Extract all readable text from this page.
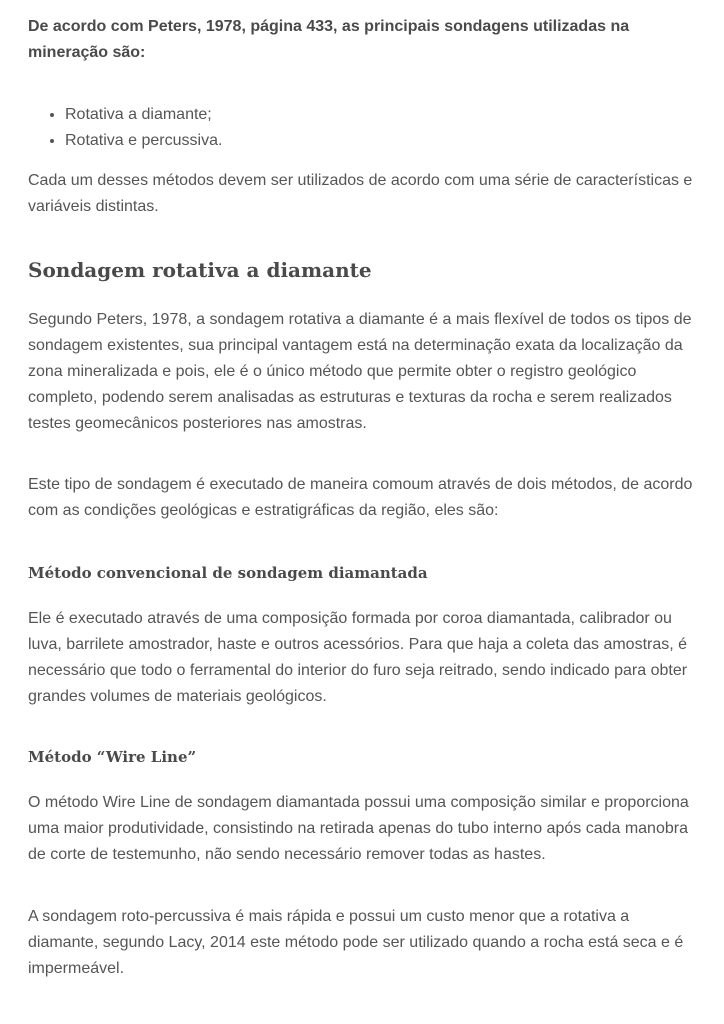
De acordo com Peters, 1978, página 433, as principais sondagens utilizadas na mineração são:

• Rotativa a diamante;
• Rotativa e percussiva.

Cada um desses métodos devem ser utilizados de acordo com uma série de características e variáveis distintas.

Sondagem rotativa a diamante

Segundo Peters, 1978, a sondagem rotativa a diamante é a mais flexível de todos os tipos de sondagem existentes, sua principal vantagem está na determinação exata da localização da zona mineralizada e pois, ele é o único método que permite obter o registro geológico completo, podendo serem analisadas as estruturas e texturas da rocha e serem realizados testes geomecânicos posteriores nas amostras.

Este tipo de sondagem é executado de maneira comoum através de dois métodos, de acordo com as condições geológicas e estratigráficas da região, eles são:

Método convencional de sondagem diamantada

Ele é executado através de uma composição formada por coroa diamantada, calibrador ou luva, barrilete amostrador, haste e outros acessórios. Para que haja a coleta das amostras, é necessário que todo o ferramental do interior do furo seja reitrado, sendo indicado para obter grandes volumes de materiais geológicos.

Método “Wire Line”

O método Wire Line de sondagem diamantada possui uma composição similar e proporciona uma maior produtividade, consistindo na retirada apenas do tubo interno após cada manobra de corte de testemunho, não sendo necessário remover todas as hastes.

A sondagem roto-percussiva é mais rápida e possui um custo menor que a rotativa a diamante, segundo Lacy, 2014 este método pode ser utilizado quando a rocha está seca e é impermeável.
